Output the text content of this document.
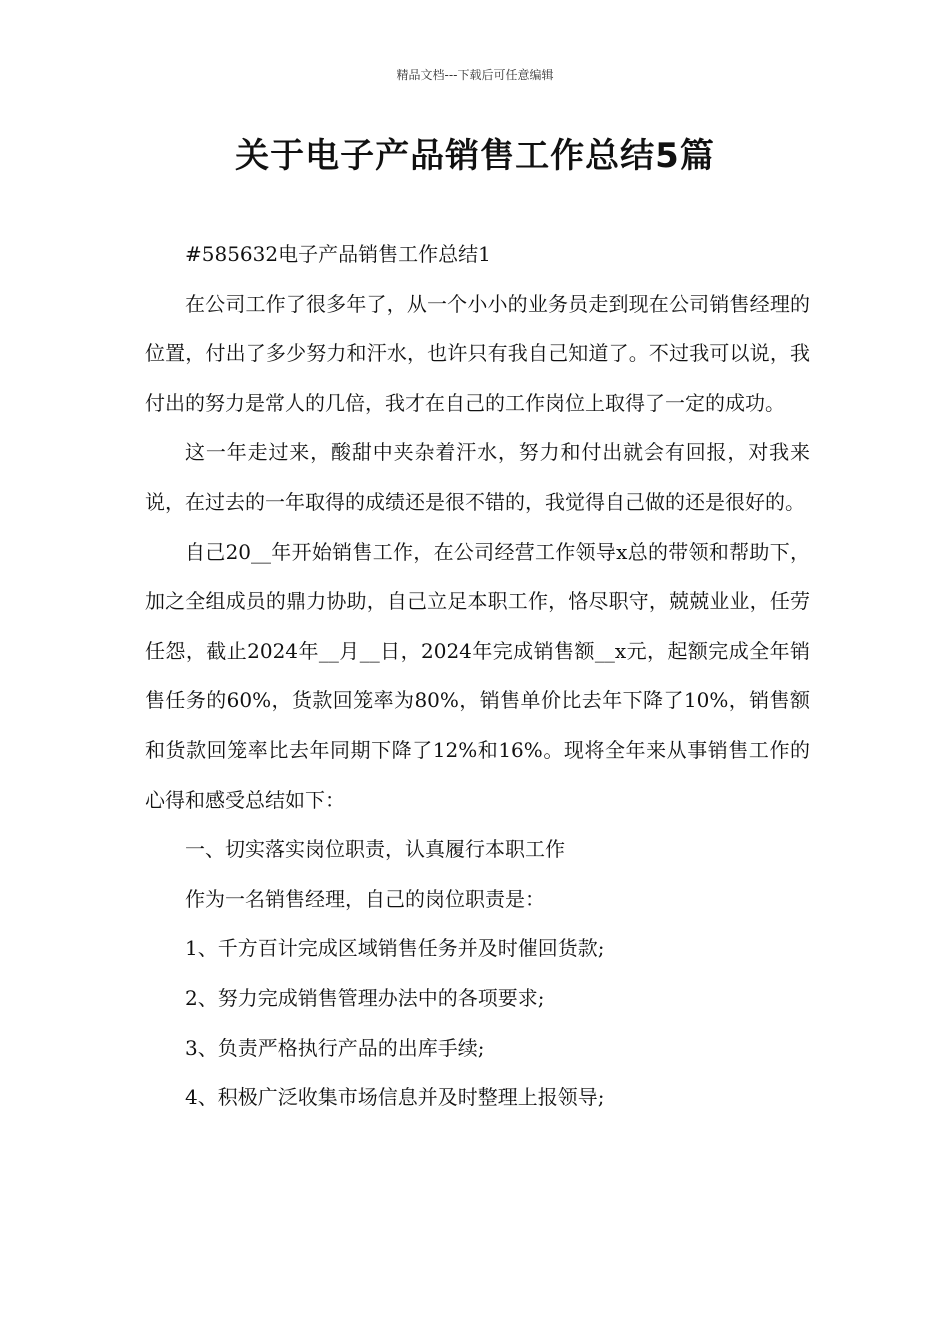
精品文档---下载后可任意编辑
关于电子产品销售工作总结5篇

#585632电子产品销售工作总结1

在公司工作了很多年了，从一个小小的业务员走到现在公司销售经理的位置，付出了多少努力和汗水，也许只有我自己知道了。不过我可以说，我付出的努力是常人的几倍，我才在自己的工作岗位上取得了一定的成功。

这一年走过来，酸甜中夹杂着汗水，努力和付出就会有回报，对我来说，在过去的一年取得的成绩还是很不错的，我觉得自己做的还是很好的。

自己20__年开始销售工作，在公司经营工作领导x总的带领和帮助下，加之全组成员的鼎力协助，自己立足本职工作，恪尽职守，兢兢业业，任劳任怨，截止2024年__月__日，2024年完成销售额__x元，起额完成全年销售任务的60%，货款回笼率为80%，销售单价比去年下降了10%，销售额和货款回笼率比去年同期下降了12%和16%。现将全年来从事销售工作的心得和感受总结如下：

一、切实落实岗位职责，认真履行本职工作

作为一名销售经理，自己的岗位职责是：

1、千方百计完成区域销售任务并及时催回货款;

2、努力完成销售管理办法中的各项要求;

3、负责严格执行产品的出库手续;

4、积极广泛收集市场信息并及时整理上报领导;
